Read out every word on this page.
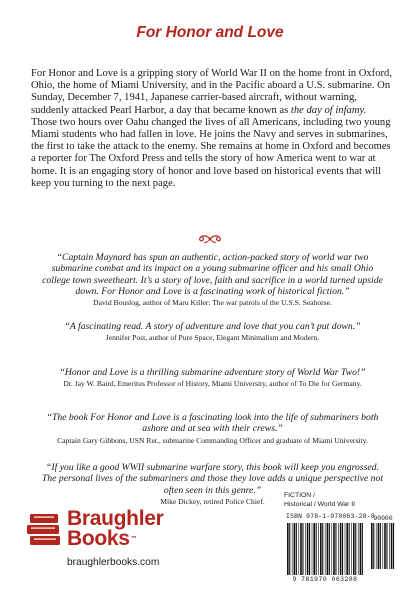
For Honor and Love
For Honor and Love is a gripping story of World War II on the home front in Oxford, Ohio, the home of Miami University, and in the Pacific aboard a U.S. submarine. On Sunday, December 7, 1941, Japanese carrier-based aircraft, without warning, suddenly attacked Pearl Harbor, a day that became known as the day of infamy. Those two hours over Oahu changed the lives of all Americans, including two young Miami students who had fallen in love. He joins the Navy and serves in submarines, the first to take the attack to the enemy. She remains at home in Oxford and becomes a reporter for The Oxford Press and tells the story of how America went to war at home. It is an engaging story of honor and love based on historical events that will keep you turning to the next page.
“Captain Maynard has spun an authentic, action-packed story of world war two submarine combat and its impact on a young submarine officer and his small Ohio college town sweetheart. It’s a story of love, faith and sacrifice in a world turned upside down. For Honor and Love is a fascinating work of historical fiction.”
David Bouslog, author of Maru Killer: The war patrols of the U.S.S. Seahorse.
“A fascinating read. A story of adventure and love that you can’t put down.”
Jennifer Post, author of Pure Space, Elegant Minimalism and Modern.
“Honor and Love is a thrilling submarine adventure story of World War Two!”
Dr. Jay W. Baird, Emeritus Professor of History, Miami University, author of To Die for Germany.
“The book For Honor and Love is a fascinating look into the life of submariners both ashore and at sea with their crews.”
Captain Gary Gibbons, USN Ret., submarine Commanding Officer and graduate of Miami University.
“If you like a good WWII submarine warfare story, this book will keep you engrossed. The personal lives of the submariners and those they love adds a unique perspective not often seen in this genre.”
Mike Dickey, retired Police Chief.
Braughler
Books™
braughlerbooks.com
FICTION /
Historical / World War II
ISBN 978-1-970063-28-8
90000
9 781970 063288
